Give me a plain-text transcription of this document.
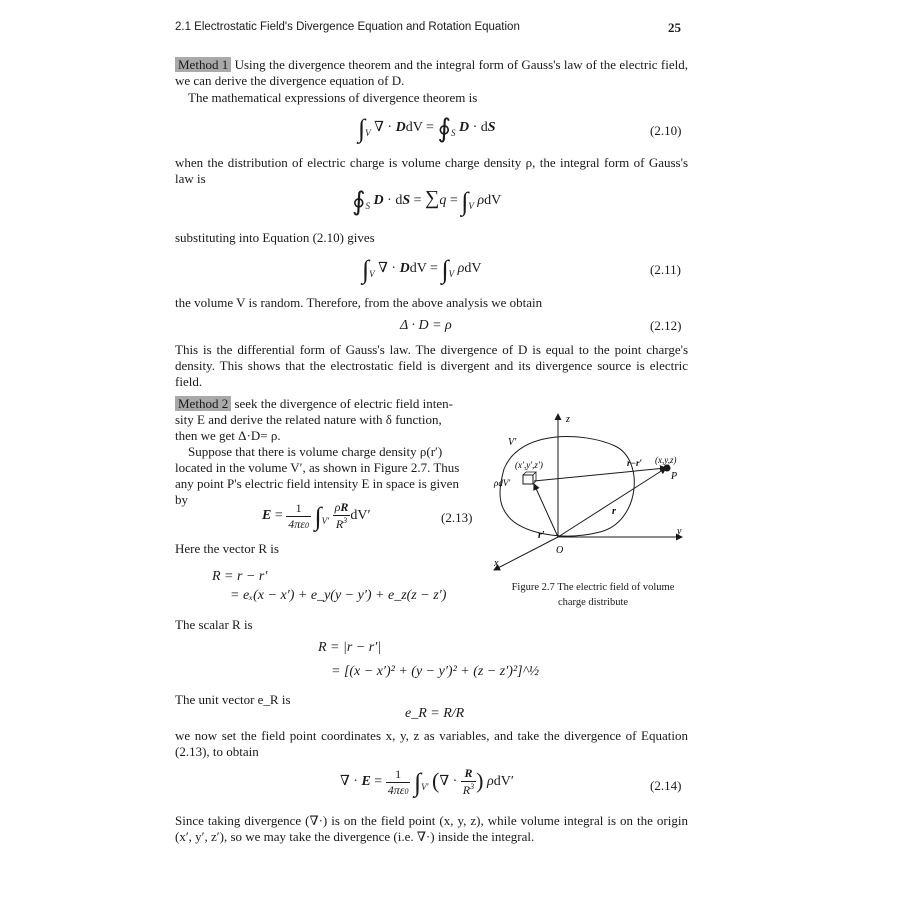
2.1 Electrostatic Field's Divergence Equation and Rotation Equation	25
Method 1 Using the divergence theorem and the integral form of Gauss's law of the electric field, we can derive the divergence equation of D.
The mathematical expressions of divergence theorem is
$\int_V$ ∇ · DdV = $∮_S$ D · dS	(2.10)
when the distribution of electric charge is volume charge density ρ, the integral form of Gauss's law is
$∮_S$ D · dS = $\sum q = \int_V$ ρdV
substituting into Equation (2.10) gives
$\int_V$ ∇ · DdV = $\int_V$ ρdV	(2.11)
the volume V is random. Therefore, from the above analysis we obtain
Δ · D = ρ	(2.12)
This is the differential form of Gauss's law. The divergence of D is equal to the point charge's density. This shows that the electrostatic field is divergent and its divergence source is electric field.
Method 2 seek the divergence of electric field inten-
sity E and derive the related nature with δ function,
then we get Δ·D= ρ.
Suppose that there is volume charge density ρ(r′)
located in the volume V′, as shown in Figure 2.7. Thus
any point P's electric field intensity E in space is given
by
$E = \frac{1}{4\pi\varepsilon 0} \int_{V'} \frac{\rho R}{R^3} dV'$	(2.13)
Here the vector R is
R = r − r′
= eₓ(x − x′) + e_y(y − y′) + e_z(z − z′)
The scalar R is
R = |r − r′|
= [(x − x′)² + (y − y′)² + (z − z′)²]^½
The unit vector e_R is
e_R = R/R
we now set the field point coordinates x, y, z as variables, and take the divergence of Equation (2.13), to obtain
∇ · $E = \frac{1}{4\pi\varepsilon 0} \int_{V'}$ (∇ · $\frac{R}{R^3}$ ) ρdV′	(2.14)
Since taking divergence (∇·) is on the field point (x, y, z), while volume integral is on the origin (x′, y′, z′), so we may take the divergence (i.e. ∇·) inside the integral.
z
y
x
O
P
V′
(x′,y′,z′)	(x,y,z)
r−r′
r
r′
ρdV′
Figure 2.7 The electric field of volume
charge distribute
